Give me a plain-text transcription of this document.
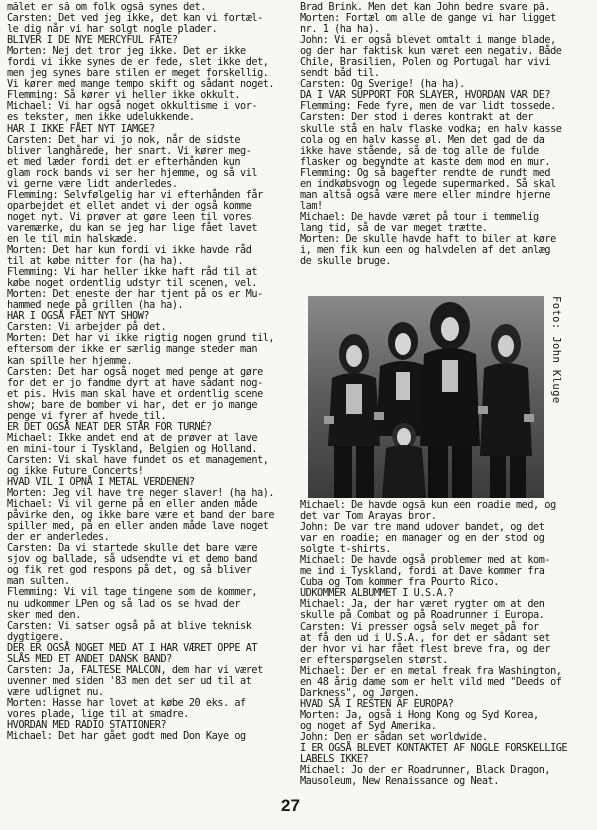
målet er så om folk også synes det.
Carsten: Det ved jeg ikke, det kan vi fortæl-
le dig når vi har solgt nogle plader.
BLIVER I DE NYE MERCYFUL FATE?
Morten: Nej det tror jeg ikke. Det er ikke
fordi vi ikke synes de er fede, slet ikke det,
men jeg synes bare stilen er meget forskellig.
Vi kører med mange tempo skift og sådant noget.
Flemming: Så kører vi heller ikke okkult.
Michael: Vi har også noget okkultisme i vor-
es tekster, men ikke udelukkende.
HAR I IKKE FÅET NYT IAMGE?
Carsten: Det har vi jo nok, når de sidste
bliver langhårede, her snart. Vi kører meg-
et med læder fordi det er efterhånden kun
glam rock bands vi ser her hjemme, og så vil
vi gerne være lidt anderledes.
Flemming: Selvfølgelig har vi efterhånden får
oparbejdet et ellet andet vi der også komme
noget nyt. Vi prøver at gøre leen til vores
varemærke, du kan se jeg har lige fået lavet
en le til min halskæde.
Morten: Det har kun fordi vi ikke havde råd
til at købe nitter for (ha ha).
Flemming: Vi har heller ikke haft råd til at
købe noget ordentlig udstyr til scenen, vel.
Morten: Det eneste der har tjent på os er Mu-
hammed nede på grillen (ha ha).
HAR I OGSÅ FÅET NYT SHOW?
Carsten: Vi arbejder på det.
Morten: Det har vi ikke rigtig nogen grund til,
eftersom der ikke er særlig mange steder man
kan spille her hjemme.
Carsten: Det har også noget med penge at gøre
for det er jo fandme dyrt at have sådant nog-
et pis. Hvis man skal have et ordentlig scene
show; bare de bomber vi har, det er jo mange
penge vi fyrer af hvede til.
ER DET OGSÅ NEAT DER STÅR FOR TURNÉ?
Michael: Ikke andet end at de prøver at lave
en mini-tour i Tyskland, Belgien og Holland.
Carsten: Vi skal have fundet os et management,
og ikke Future Concerts!
HVAD VIL I OPNÅ I METAL VERDENEN?
Morten: Jeg vil have tre neger slaver! (ha ha).
Michael: Vi vil gerne på en eller anden måde
påvirke den, og ikke bare være et band der bare
spiller med, på en eller anden måde lave noget
der er anderledes.
Carsten: Da vi startede skulle det bare være
sjov og ballade, så udsendte vi et demo band
og fik ret god respons på det, og så bliver
man sulten.
Flemming: Vi vil tage tingene som de kommer,
nu udkommer LPen og så lad os se hvad der
sker med den.
Carsten: Vi satser også på at blive teknisk
dygtigere.
DER ER OGSÅ NOGET MED AT I HAR VÆRET OPPE AT
SLÅS MED ET ANDET DANSK BAND?
Carsten: Ja, FALTESE MALCON, dem har vi været
uvenner med siden '83 men det ser ud til at
være udlignet nu.
Morten: Hasse har lovet at købe 20 eks. af
vores plade, lige til at smadre.
HVORDAN MED RADIO STATIONER?
Michael: Det har gået godt med Don Kaye og
Brad Brink. Men det kan John bedre svare på.
Morten: Fortæl om alle de gange vi har ligget
nr. 1 (ha ha).
John: Vi er også blevet omtalt i mange blade,
og der har faktisk kun været een negativ. Både
Chile, Brasilien, Polen og Portugal har vivi
sendt båd til.
Carsten: Og Sverige! (ha ha).
DA I VAR SUPPORT FOR SLAYER, HVORDAN VAR DE?
Flemming: Fede fyre, men de var lidt tossede.
Carsten: Der stod i deres kontrakt at der
skulle stå en halv flaske vodka; en halv kasse
cola og en halv kasse øl. Men det gad de da
ikke have stående, så de tog alle de fulde
flasker og begyndte at kaste dem mod en mur.
Flemming: Og så bagefter rendte de rundt med
en indkøbsvogn og legede supermarked. Så skal
man altså også være mere eller mindre hjerne
lam!
Michael: De havde været på tour i temmelig
lang tid, så de var meget trætte.
Morten: De skulle havde haft to biler at køre
i, men fik kun een og halvdelen af det anlæg
de skulle bruge.
Foto: John Kluge
Michael: De havde også kun een roadie med, og
det var Tom Arayas bror.
John: De var tre mand udover bandet, og det
var en roadie; en manager og en der stod og
solgte t-shirts.
Michael: De havde også problemer med at kom-
me ind i Tyskland, fordi at Dave kommer fra
Cuba og Tom kommer fra Pourto Rico.
UDKOMMER ALBUMMET I U.S.A.?
Michael: Ja, der har været rygter om at den
skulle på Combat og på Roadrunner i Europa.
Carsten: Vi presser også selv meget på for
at få den ud i U.S.A., for det er sådant set
der hvor vi har fået flest breve fra, og der
er efterspørgselen størst.
Michael: Der er en metal freak fra Washington,
en 48 årig dame som er helt vild med "Deeds of
Darkness", og Jørgen.
HVAD SÅ I RESTEN AF EUROPA?
Morten: Ja, også i Hong Kong og Syd Korea,
og noget af Syd Amerika.
John: Den er sådan set worldwide.
I ER OGSÅ BLEVET KONTAKTET AF NOGLE FORSKELLIGE
LABELS IKKE?
Michael: Jo der er Roadrunner, Black Dragon,
Mausoleum, New Renaissance og Neat.
27
